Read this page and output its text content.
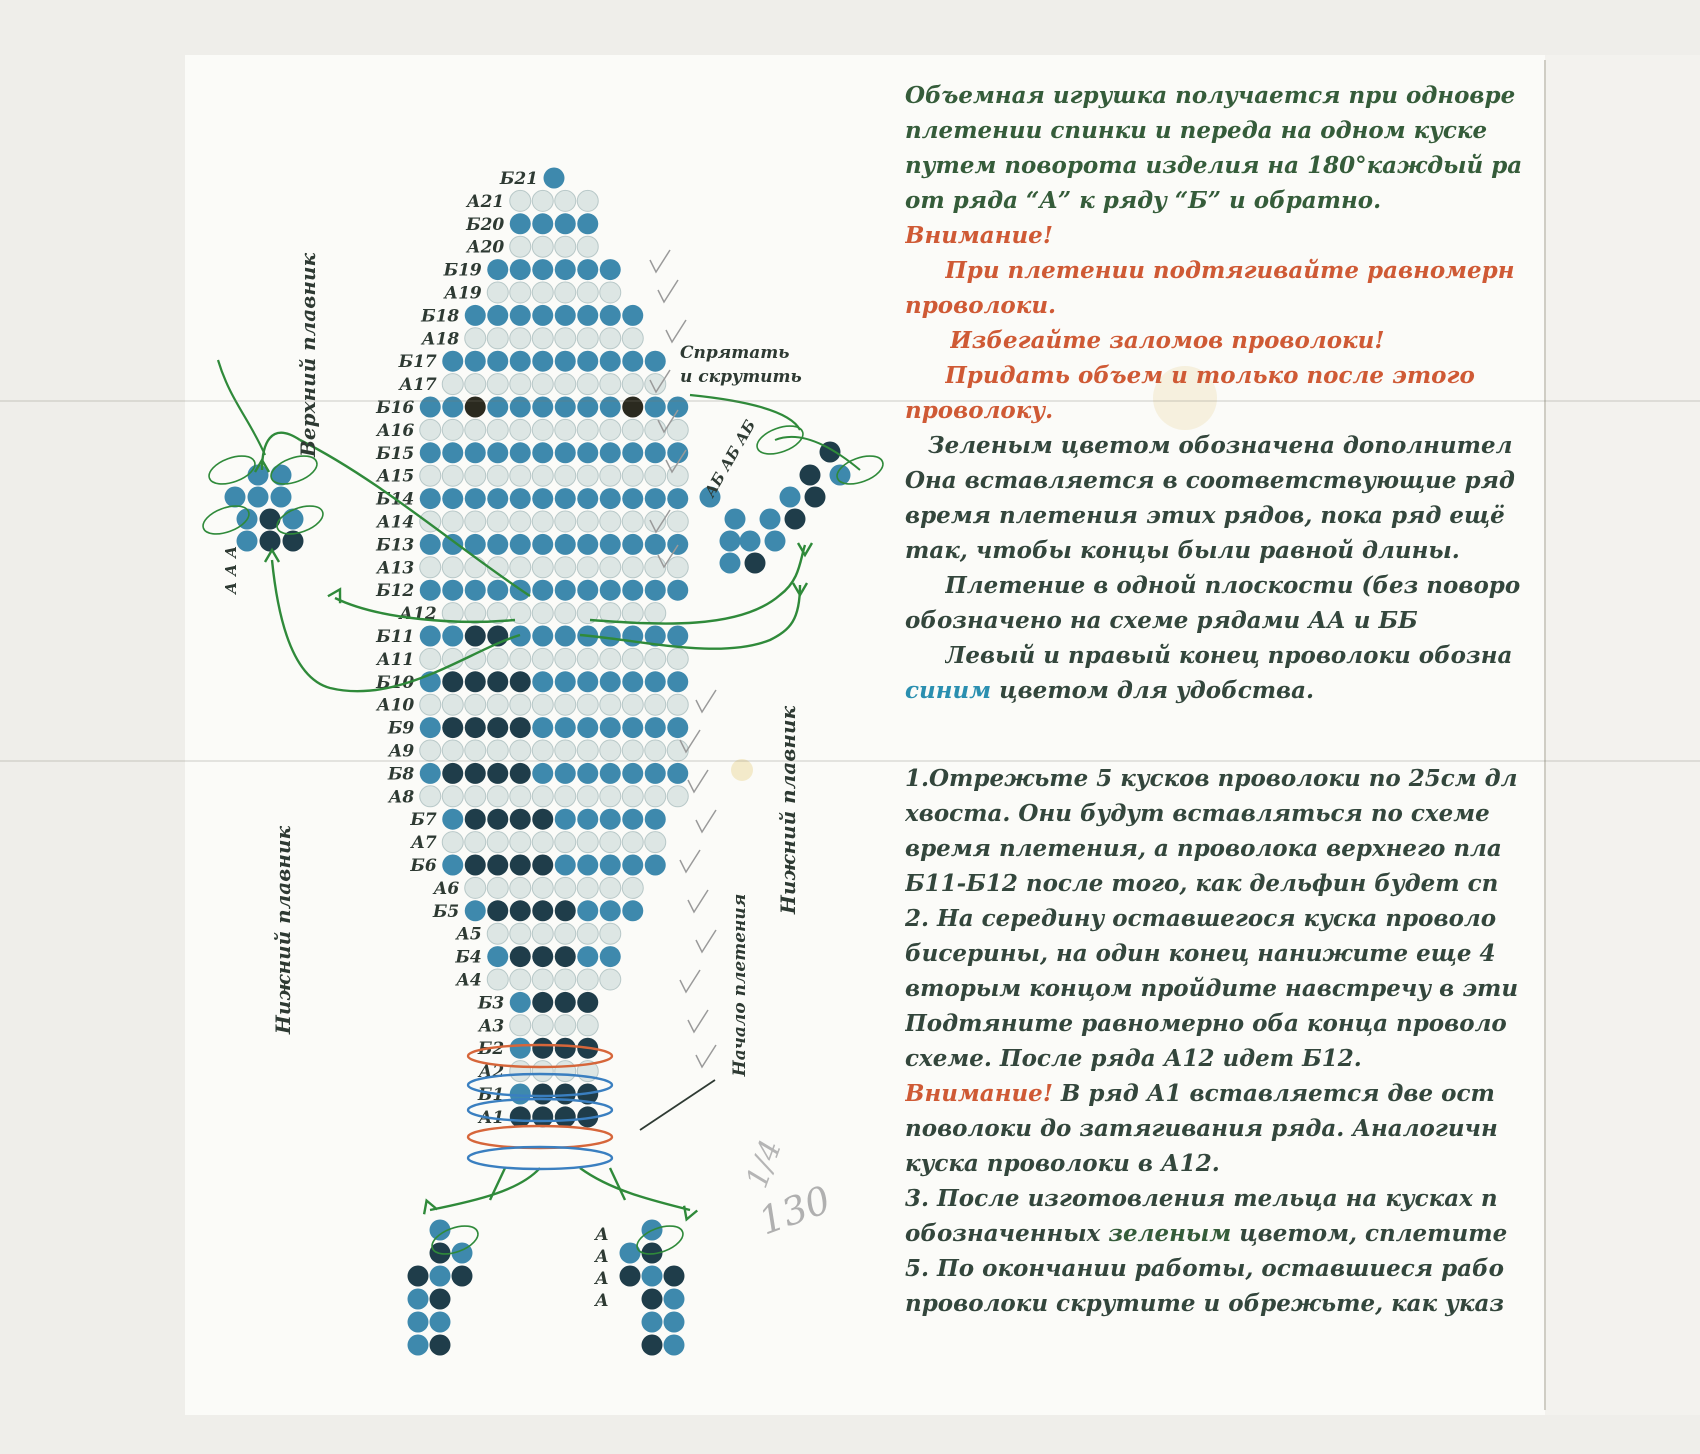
Б21
А21
Б20
А20
Б19
А19
Б18
А18
Б17
А17
Б16
А16
Б15
А15
Б14
А14
Б13
А13
Б12
А12
Б11
А11
Б10
А10
Б9
А9
Б8
А8
Б7
А7
Б6
А6
Б5
А5
Б4
А4
Б3
А3
Б2
А2
Б1
А1
Верхний плавник
Нижний плавник
Нижний плавник
Начало плетения
Спрятать
и скрутить
АБ АБ АБ
А
А
А
А
А
А
А
1/4
130
Объемная игрушка получается при одновре
плетении спинки и переда на одном куске
путем поворота изделия на 180°каждый ра
от ряда “А” к ряду “Б” и обратно.
Внимание!
При плетении подтягивайте равномерн
проволоки.
Избегайте заломов проволоки!
Придать объем и только после этого
проволоку.
Зеленым цветом обозначена дополнител
Она вставляется в соответствующие ряд
время плетения этих рядов, пока ряд ещё
так, чтобы концы были равной длины.
Плетение в одной плоскости (без поворо
обозначено на схеме рядами АА и ББ
Левый и правый конец проволоки обозна
синим цветом для удобства.
1.Отрежьте 5 кусков проволоки по 25см дл
хвоста. Они будут вставляться по схеме
время плетения, а проволока верхнего пла
Б11-Б12 после того, как дельфин будет сп
2. На середину оставшегося куска проволо
бисерины, на один конец нанижите еще 4
вторым концом пройдите навстречу в эти
Подтяните равномерно оба конца проволо
схеме. После ряда А12 идет Б12.
Внимание! В ряд А1 вставляется две ост
поволоки до затягивания ряда. Аналогичн
куска проволоки в А12.
3. После изготовления тельца на кусках п
обозначенных зеленым цветом, сплетите
5. По окончании работы, оставшиеся рабо
проволоки скрутите и обрежьте, как указ
